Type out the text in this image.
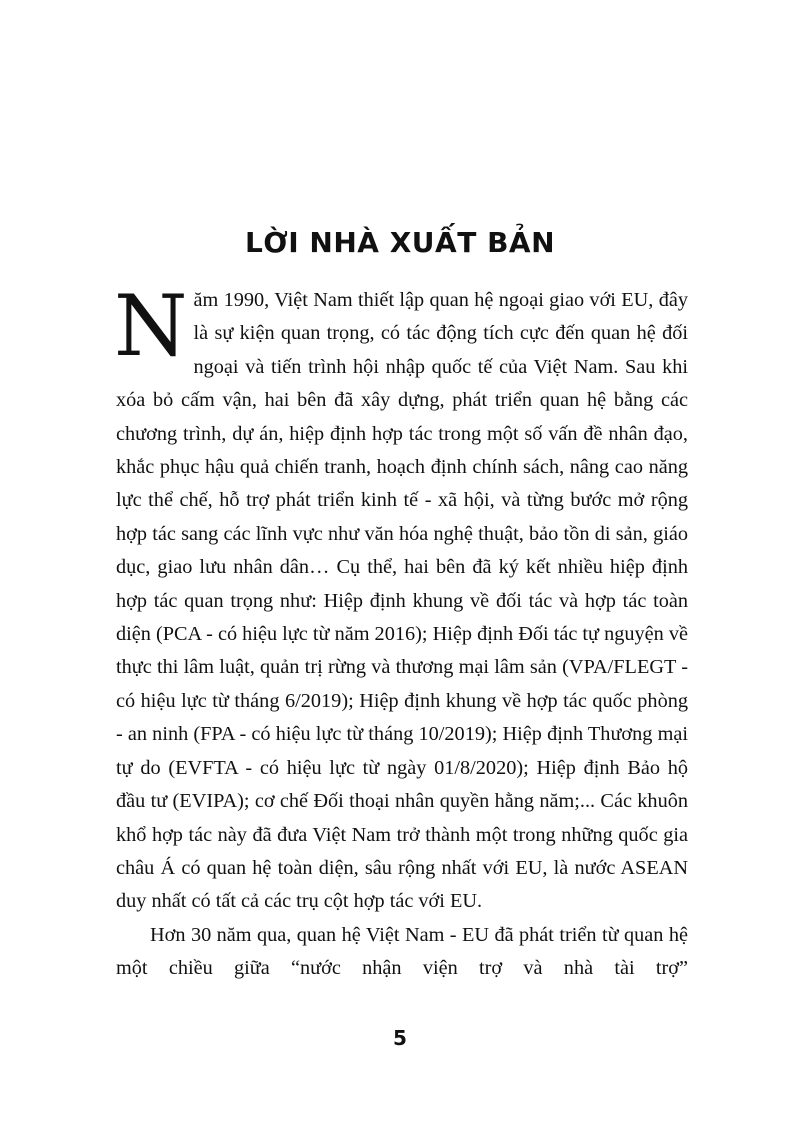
LỜI NHÀ XUẤT BẢN

Năm 1990, Việt Nam thiết lập quan hệ ngoại giao với EU, đây là sự kiện quan trọng, có tác động tích cực đến quan hệ đối ngoại và tiến trình hội nhập quốc tế của Việt Nam. Sau khi xóa bỏ cấm vận, hai bên đã xây dựng, phát triển quan hệ bằng các chương trình, dự án, hiệp định hợp tác trong một số vấn đề nhân đạo, khắc phục hậu quả chiến tranh, hoạch định chính sách, nâng cao năng lực thể chế, hỗ trợ phát triển kinh tế - xã hội, và từng bước mở rộng hợp tác sang các lĩnh vực như văn hóa nghệ thuật, bảo tồn di sản, giáo dục, giao lưu nhân dân… Cụ thể, hai bên đã ký kết nhiều hiệp định hợp tác quan trọng như: Hiệp định khung về đối tác và hợp tác toàn diện (PCA - có hiệu lực từ năm 2016); Hiệp định Đối tác tự nguyện về thực thi lâm luật, quản trị rừng và thương mại lâm sản (VPA/FLEGT - có hiệu lực từ tháng 6/2019); Hiệp định khung về hợp tác quốc phòng - an ninh (FPA - có hiệu lực từ tháng 10/2019); Hiệp định Thương mại tự do (EVFTA - có hiệu lực từ ngày 01/8/2020); Hiệp định Bảo hộ đầu tư (EVIPA); cơ chế Đối thoại nhân quyền hằng năm;... Các khuôn khổ hợp tác này đã đưa Việt Nam trở thành một trong những quốc gia châu Á có quan hệ toàn diện, sâu rộng nhất với EU, là nước ASEAN duy nhất có tất cả các trụ cột hợp tác với EU.

Hơn 30 năm qua, quan hệ Việt Nam - EU đã phát triển từ quan hệ một chiều giữa “nước nhận viện trợ và nhà tài trợ”

5
